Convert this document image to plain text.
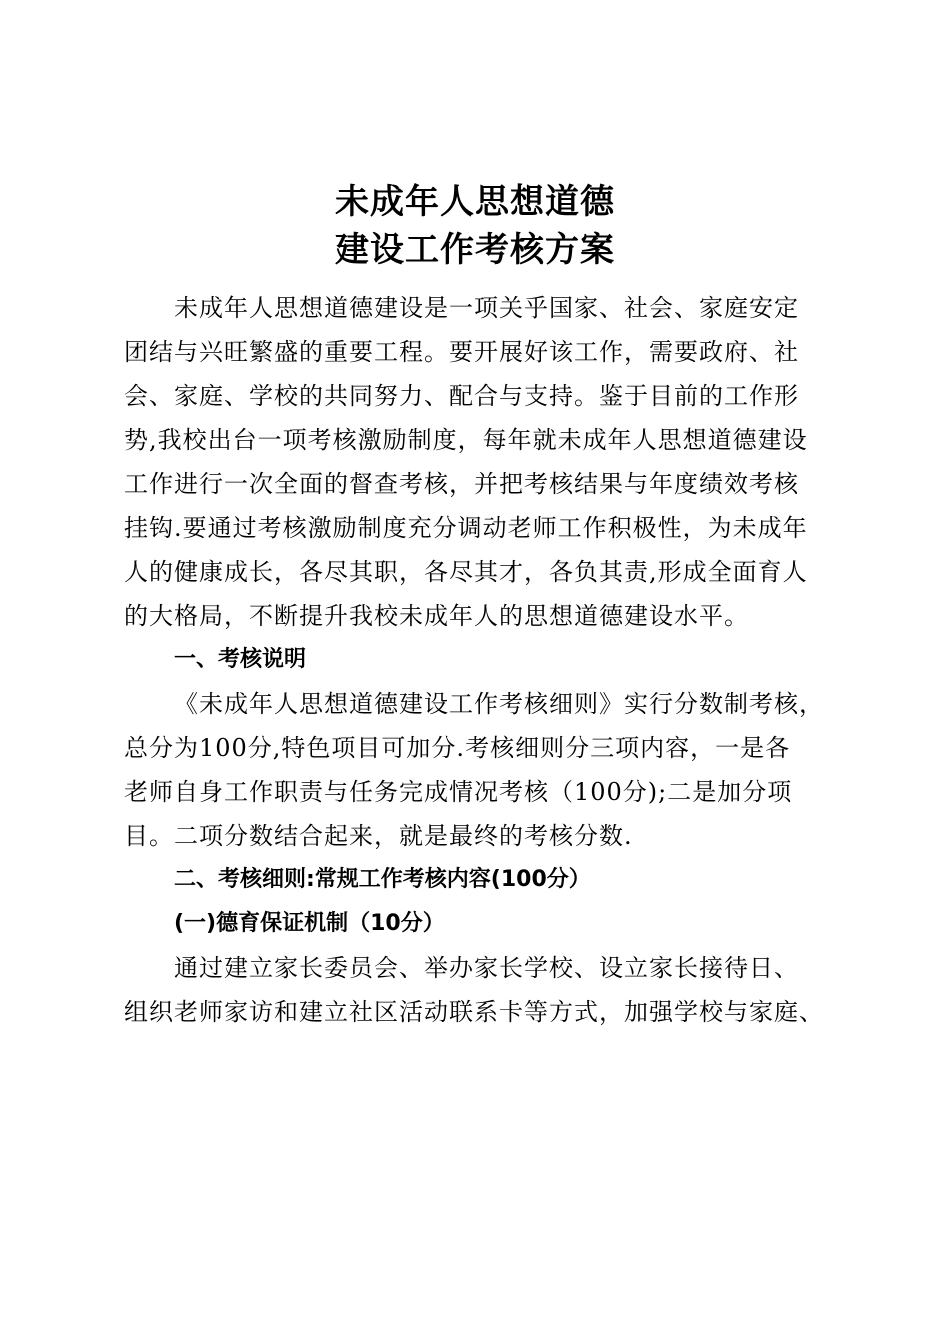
未成年人思想道德
建设工作考核方案
未成年人思想道德建设是一项关乎国家、社会、家庭安定
团结与兴旺繁盛的重要工程。要开展好该工作，需要政府、社
会、家庭、学校的共同努力、配合与支持。鉴于目前的工作形
势,我校出台一项考核激励制度，每年就未成年人思想道德建设
工作进行一次全面的督查考核，并把考核结果与年度绩效考核
挂钩.要通过考核激励制度充分调动老师工作积极性，为未成年
人的健康成长，各尽其职，各尽其才，各负其责,形成全面育人
的大格局，不断提升我校未成年人的思想道德建设水平。
一、考核说明
《未成年人思想道德建设工作考核细则》实行分数制考核，
总分为100分,特色项目可加分.考核细则分三项内容，一是各
老师自身工作职责与任务完成情况考核（100分);二是加分项
目。二项分数结合起来，就是最终的考核分数.
二、考核细则:常规工作考核内容(100分）
(一)德育保证机制（10分）
通过建立家长委员会、举办家长学校、设立家长接待日、
组织老师家访和建立社区活动联系卡等方式，加强学校与家庭、
